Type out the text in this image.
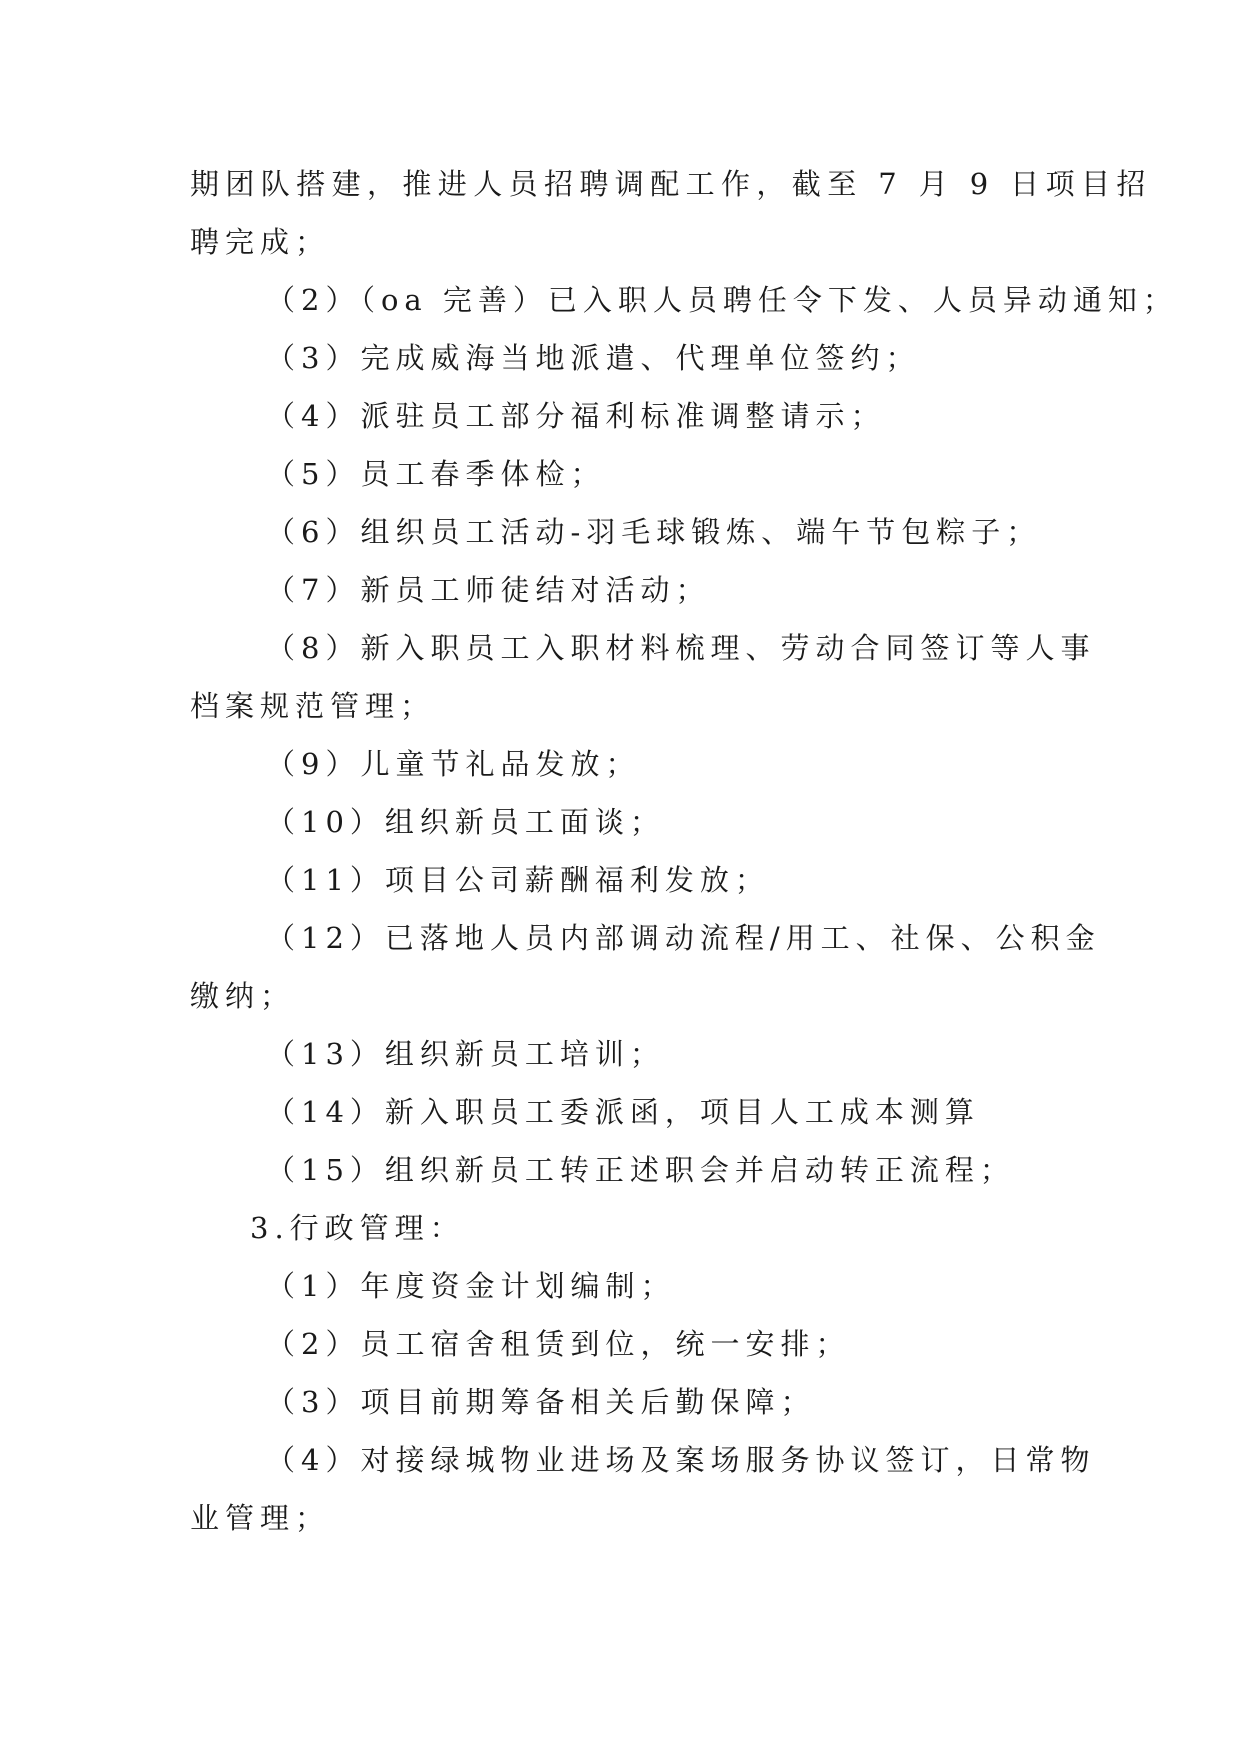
期团队搭建，推进人员招聘调配工作，截至 7 月 9 日项目招
聘完成；
（2）（oa 完善）已入职人员聘任令下发、人员异动通知；
（3）完成威海当地派遣、代理单位签约；
（4）派驻员工部分福利标准调整请示；
（5）员工春季体检；
（6）组织员工活动-羽毛球锻炼、端午节包粽子；
（7）新员工师徒结对活动；
（8）新入职员工入职材料梳理、劳动合同签订等人事
档案规范管理；
（9）儿童节礼品发放；
（10）组织新员工面谈；
（11）项目公司薪酬福利发放；
（12）已落地人员内部调动流程/用工、社保、公积金
缴纳；
（13）组织新员工培训；
（14）新入职员工委派函，项目人工成本测算
（15）组织新员工转正述职会并启动转正流程；
3.行政管理：
（1）年度资金计划编制；
（2）员工宿舍租赁到位，统一安排；
（3）项目前期筹备相关后勤保障；
（4）对接绿城物业进场及案场服务协议签订，日常物
业管理；
